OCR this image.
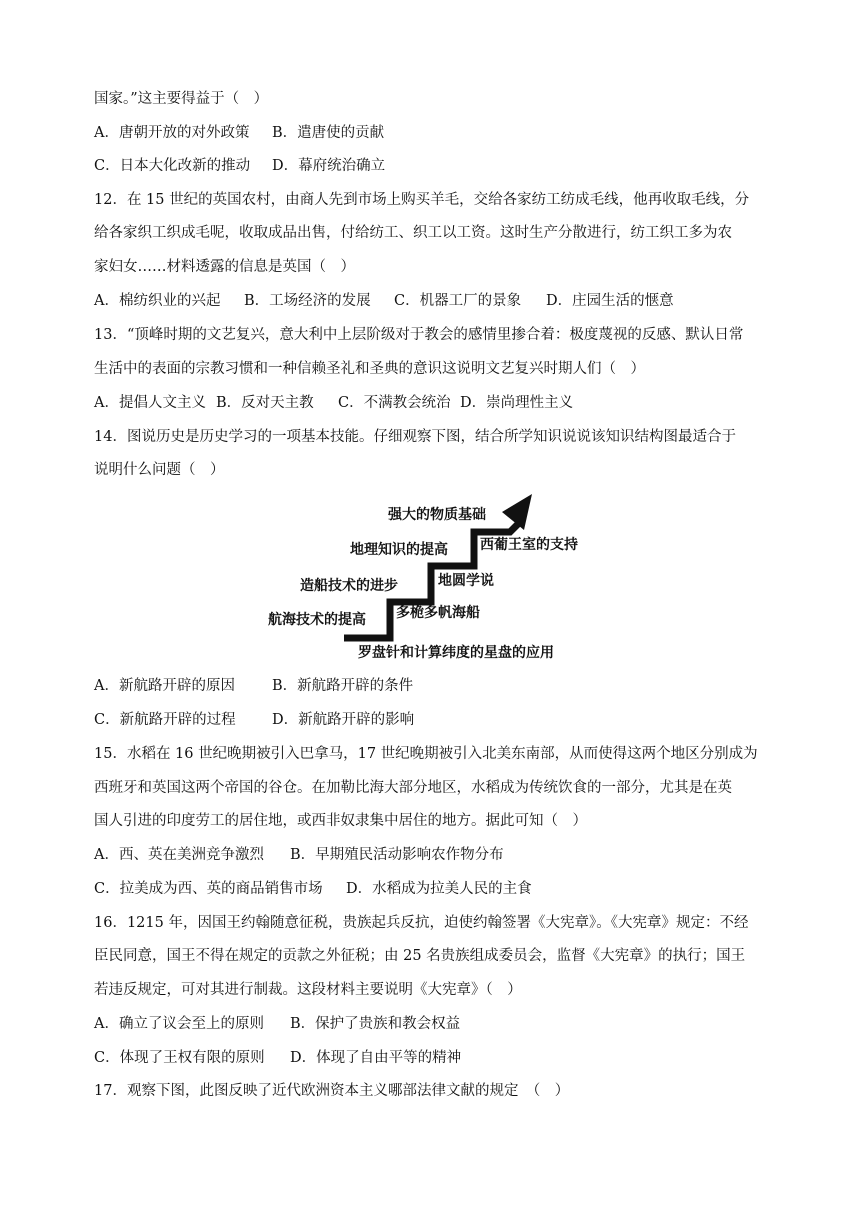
国家。”这主要得益于（　）
A．唐朝开放的对外政策 B．遣唐使的贡献
C．日本大化改新的推动 D．幕府统治确立
12．在 15 世纪的英国农村，由商人先到市场上购买羊毛，交给各家纺工纺成毛线，他再收取毛线，分
给各家织工织成毛呢，收取成品出售，付给纺工、织工以工资。这时生产分散进行，纺工织工多为农
家妇女……材料透露的信息是英国（　）
A．棉纺织业的兴起 B．工场经济的发展 C．机器工厂的景象 D．庄园生活的惬意
13．“顶峰时期的文艺复兴，意大利中上层阶级对于教会的感情里掺合着：极度蔑视的反感、默认日常
生活中的表面的宗教习惯和一种信赖圣礼和圣典的意识这说明文艺复兴时期人们（　）
A．提倡人文主义 B．反对天主教 C．不满教会统治 D．崇尚理性主义
14．图说历史是历史学习的一项基本技能。仔细观察下图，结合所学知识说说该知识结构图最适合于
说明什么问题（　）
强大的物质基础
地理知识的提高
造船技术的进步
航海技术的提高
西葡王室的支持
地圆学说
多桅多帆海船
罗盘针和计算纬度的星盘的应用
A．新航路开辟的原因	B．新航路开辟的条件
C．新航路开辟的过程	D．新航路开辟的影响
15．水稻在 16 世纪晚期被引入巴拿马，17 世纪晚期被引入北美东南部，从而使得这两个地区分别成为
西班牙和英国这两个帝国的谷仓。在加勒比海大部分地区，水稻成为传统饮食的一部分，尤其是在英
国人引进的印度劳工的居住地，或西非奴隶集中居住的地方。据此可知（　）
A．西、英在美洲竞争激烈 B．早期殖民活动影响农作物分布
C．拉美成为西、英的商品销售市场 D．水稻成为拉美人民的主食
16．1215 年，因国王约翰随意征税，贵族起兵反抗，迫使约翰签署《大宪章》。《大宪章》规定：不经
臣民同意，国王不得在规定的贡款之外征税；由 25 名贵族组成委员会，监督《大宪章》的执行；国王
若违反规定，可对其进行制裁。这段材料主要说明《大宪章》（　）
A．确立了议会至上的原则 B．保护了贵族和教会权益
C．体现了王权有限的原则 D．体现了自由平等的精神
17．观察下图，此图反映了近代欧洲资本主义哪部法律文献的规定　（　）
